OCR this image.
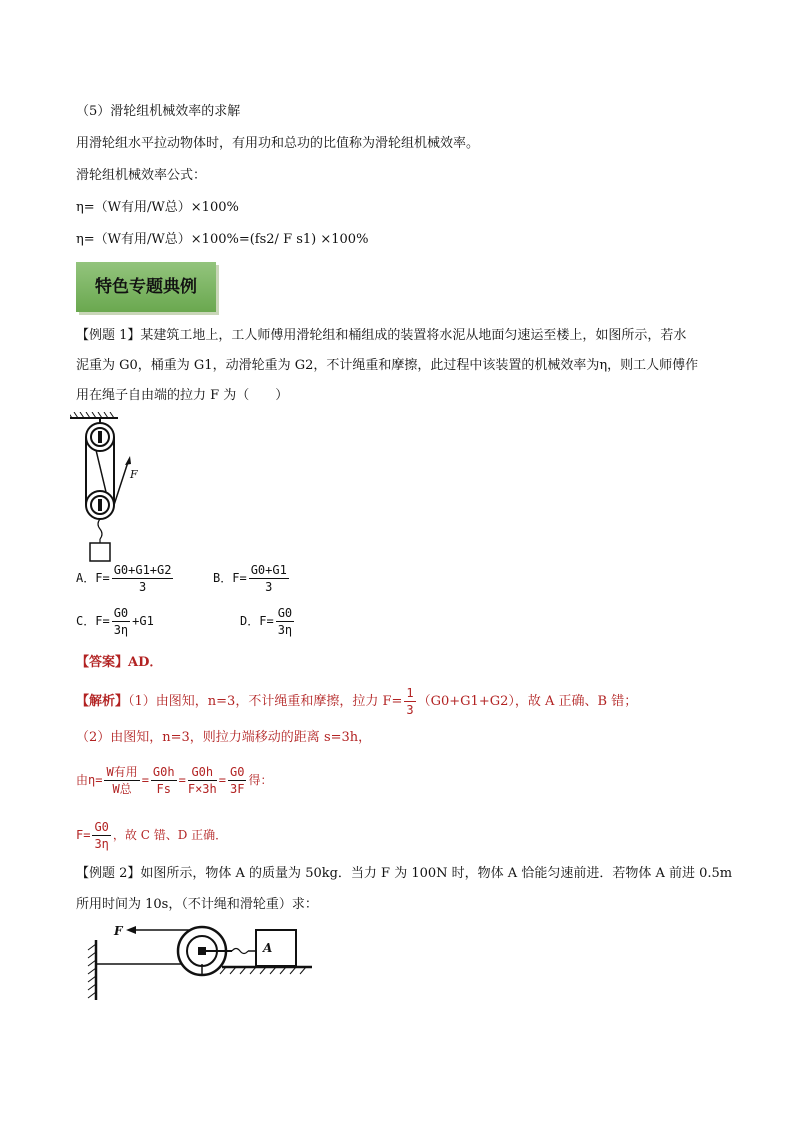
（5）滑轮组机械效率的求解
用滑轮组水平拉动物体时，有用功和总功的比值称为滑轮组机械效率。
滑轮组机械效率公式：
η=（W有用/W总）×100%
η=（W有用/W总）×100%=(fs2/ F s1) ×100%
特色专题典例
【例题 1】某建筑工地上，工人师傅用滑轮组和桶组成的装置将水泥从地面匀速运至楼上，如图所示，若水
泥重为 G0，桶重为 G1，动滑轮重为 G2，不计绳重和摩擦，此过程中该装置的机械效率为η，则工人师傅作
用在绳子自由端的拉力 F 为（　　）
F
A．$F= \frac{G0+G1+G2}{3}$	B．$F= \frac{G0+G1}{3}$
C．$F= \frac{G0}{3\eta} +G1$	D．$F= \frac{G0}{3\eta}$
【答案】AD．
【解析】（1）由图知，n=3，不计绳重和摩擦，拉力 $F= \frac{1}{3} (G0+G1+G2)$，故 A 正确、B 错；
（2）由图知，n=3，则拉力端移动的距离 s=3h，
由$\eta= \frac{\text{W有用}}{\text{W总}} = \frac{G0h}{Fs} = \frac{G0h}{F\times 3h} = \frac{G0}{3F}$ 得：
$F= \frac{G0}{3\eta}$ ，故 C 错、D 正确．
【例题 2】如图所示，物体 A 的质量为 50kg．当力 F 为 100N 时，物体 A 恰能匀速前进．若物体 A 前进 0.5m
所用时间为 10s，（不计绳和滑轮重）求：
F
A
